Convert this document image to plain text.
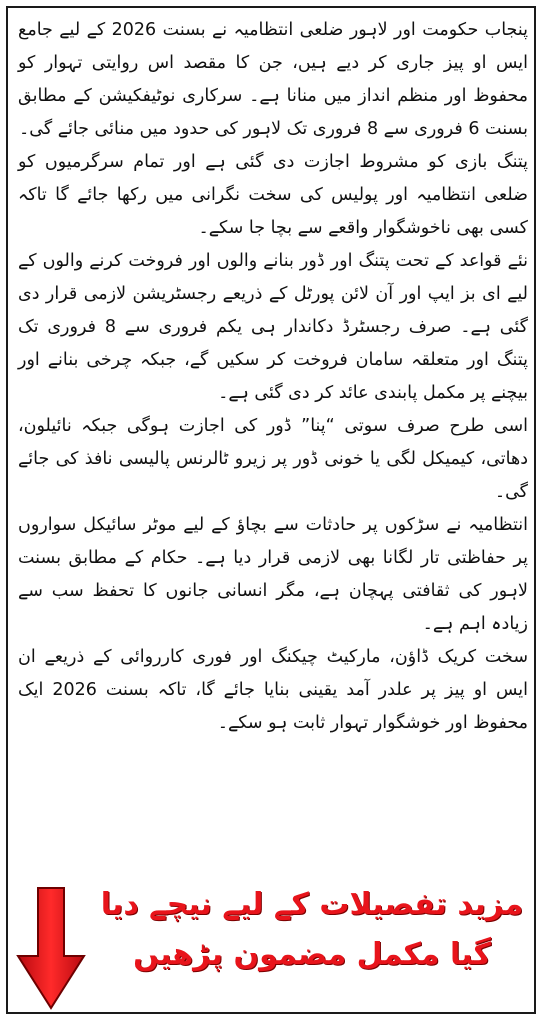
پنجاب حکومت اور لاہور ضلعی انتظامیہ نے بسنت 2026 کے لیے جامع ایس او پیز جاری کر دیے ہیں، جن کا مقصد اس روایتی تہوار کو محفوظ اور منظم انداز میں منانا ہے۔ سرکاری نوٹیفکیشن کے مطابق بسنت 6 فروری سے 8 فروری تک لاہور کی حدود میں منائی جائے گی۔

پتنگ بازی کو مشروط اجازت دی گئی ہے اور تمام سرگرمیوں کو ضلعی انتظامیہ اور پولیس کی سخت نگرانی میں رکھا جائے گا تاکہ کسی بھی ناخوشگوار واقعے سے بچا جا سکے۔

نئے قواعد کے تحت پتنگ اور ڈور بنانے والوں اور فروخت کرنے والوں کے لیے ای بز ایپ اور آن لائن پورٹل کے ذریعے رجسٹریشن لازمی قرار دی گئی ہے۔ صرف رجسٹرڈ دکاندار ہی یکم فروری سے 8 فروری تک پتنگ اور متعلقہ سامان فروخت کر سکیں گے، جبکہ چرخی بنانے اور بیچنے پر مکمل پابندی عائد کر دی گئی ہے۔

اسی طرح صرف سوتی “پنا” ڈور کی اجازت ہوگی جبکہ نائیلون، دھاتی، کیمیکل لگی یا خونی ڈور پر زیرو ٹالرنس پالیسی نافذ کی جائے گی۔

انتظامیہ نے سڑکوں پر حادثات سے بچاؤ کے لیے موٹر سائیکل سواروں پر حفاظتی تار لگانا بھی لازمی قرار دیا ہے۔ حکام کے مطابق بسنت لاہور کی ثقافتی پہچان ہے، مگر انسانی جانوں کا تحفظ سب سے زیادہ اہم ہے۔

سخت کریک ڈاؤن، مارکیٹ چیکنگ اور فوری کارروائی کے ذریعے ان ایس او پیز پر علدر آمد یقینی بنایا جائے گا، تاکہ بسنت 2026 ایک محفوظ اور خوشگوار تہوار ثابت ہو سکے۔

مزید تفصیلات کے لیے نیچے دیا

گیا مکمل مضمون پڑھیں
